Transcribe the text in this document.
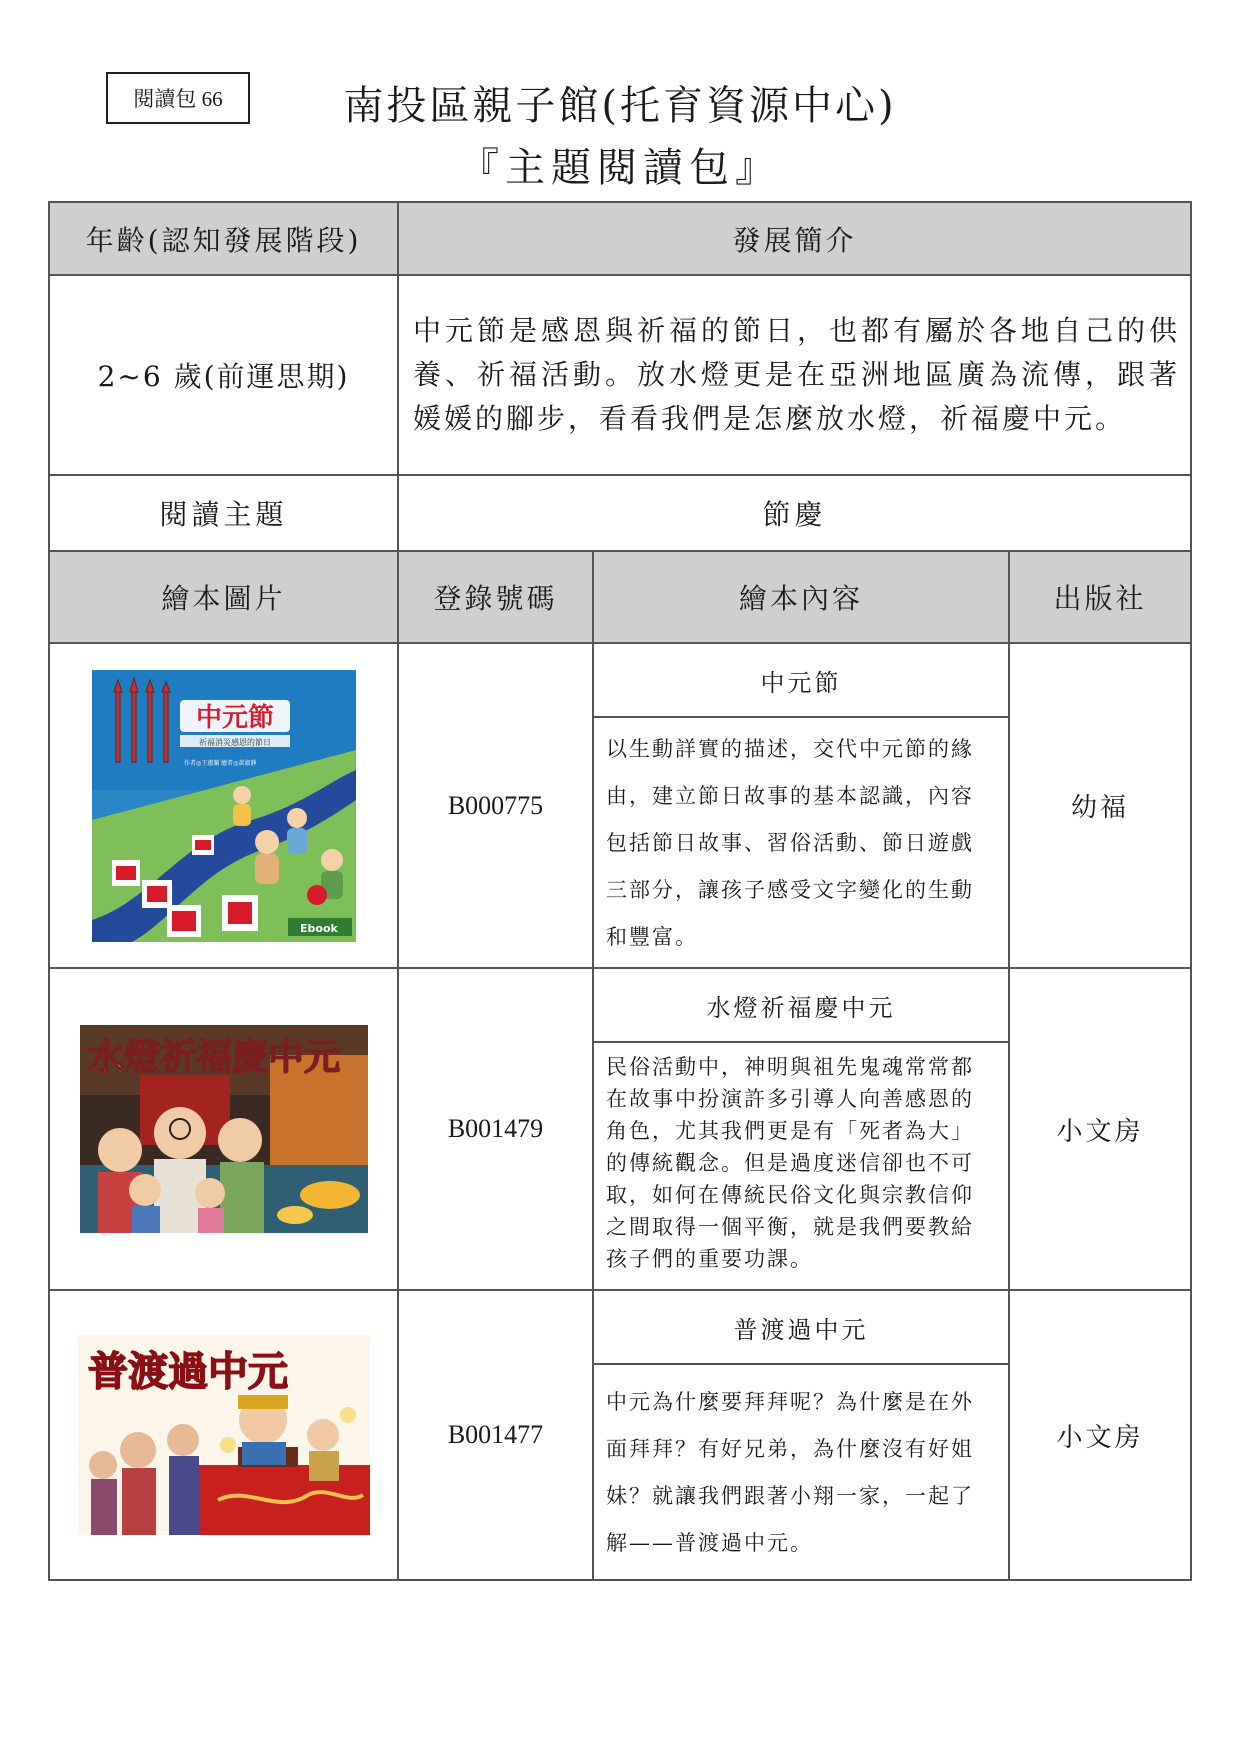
閱讀包 66	南投區親子館(托育資源中心)
『主題閱讀包』
年齡(認知發展階段)	發展簡介		
2~6 歲(前運思期)	中元節是感恩與祈福的節日，也都有屬於各地自己的供養、祈福活動。放水燈更是在亞洲地區廣為流傳，跟著媛媛的腳步，看看我們是怎麼放水燈，祈福慶中元。		
閱讀主題	節慶		
繪本圖片	登錄號碼	繪本內容	出版社

中元節
祈福消災感恩的節日
作者◎王蕙蘭 繪者◎黃淑靜
Ebook	B000775	中元節	幼福
		以生動詳實的描述，交代中元節的緣由，建立節日故事的基本認識，內容包括節日故事、習俗活動、節日遊戲三部分，讓孩子感受文字變化的生動和豐富。	

水燈祈福慶中元	B001479	水燈祈福慶中元	小文房
		民俗活動中，神明與祖先鬼魂常常都在故事中扮演許多引導人向善感恩的角色，尤其我們更是有「死者為大」的傳統觀念。但是過度迷信卻也不可取，如何在傳統民俗文化與宗教信仰之間取得一個平衡，就是我們要教給孩子們的重要功課。	

普渡過中元	B001477	普渡過中元	小文房
		中元為什麼要拜拜呢？為什麼是在外面拜拜？有好兄弟，為什麼沒有好姐妹？就讓我們跟著小翔一家，一起了解——普渡過中元。	
